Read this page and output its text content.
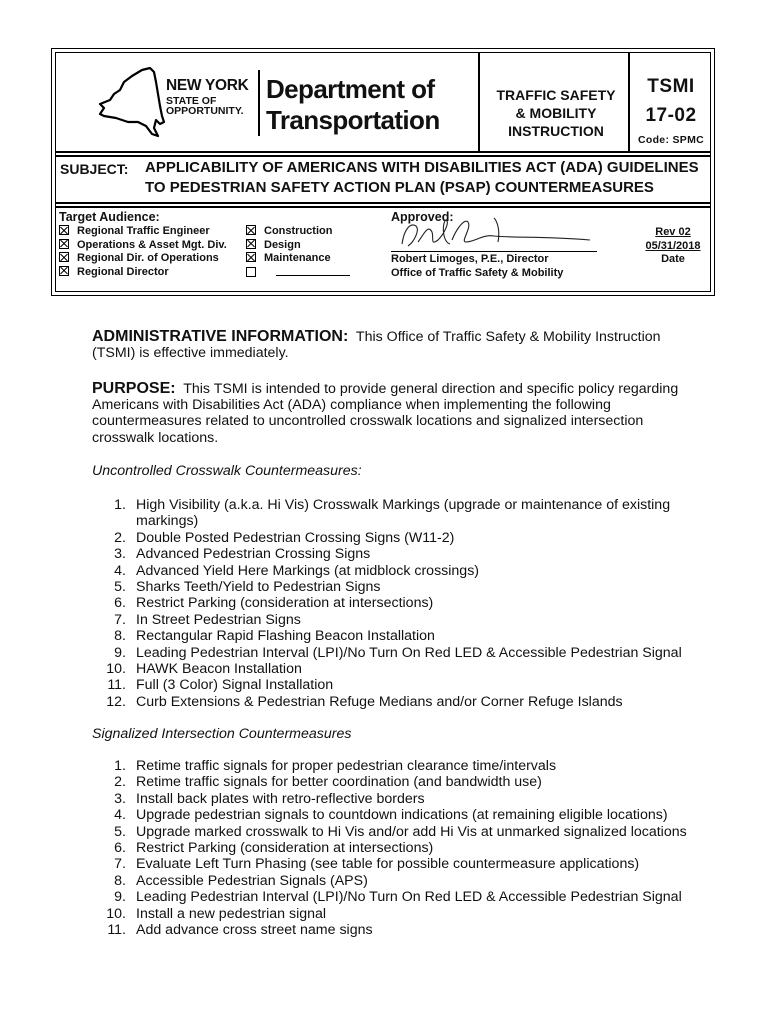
NEW YORK
STATE OF
OPPORTUNITY.
Department of
Transportation
TRAFFIC SAFETY
& MOBILITY
INSTRUCTION
TSMI
17-02
Code: SPMC
SUBJECT: APPLICABILITY OF AMERICANS WITH DISABILITIES ACT (ADA) GUIDELINES
TO PEDESTRIAN SAFETY ACTION PLAN (PSAP) COUNTERMEASURES
Target Audience:
Regional Traffic Engineer
Operations & Asset Mgt. Div.
Regional Dir. of Operations
Regional Director
Construction
Design
Maintenance
Approved:
Robert Limoges, P.E., Director
Office of Traffic Safety & Mobility
Rev 02
05/31/2018
Date
ADMINISTRATIVE INFORMATION: This Office of Traffic Safety & Mobility Instruction
(TSMI) is effective immediately.
PURPOSE: This TSMI is intended to provide general direction and specific policy regarding
Americans with Disabilities Act (ADA) compliance when implementing the following
countermeasures related to uncontrolled crosswalk locations and signalized intersection
crosswalk locations.
Uncontrolled Crosswalk Countermeasures:
1. High Visibility (a.k.a. Hi Vis) Crosswalk Markings (upgrade or maintenance of existing
markings)
2. Double Posted Pedestrian Crossing Signs (W11-2)
3. Advanced Pedestrian Crossing Signs
4. Advanced Yield Here Markings (at midblock crossings)
5. Sharks Teeth/Yield to Pedestrian Signs
6. Restrict Parking (consideration at intersections)
7. In Street Pedestrian Signs
8. Rectangular Rapid Flashing Beacon Installation
9. Leading Pedestrian Interval (LPI)/No Turn On Red LED & Accessible Pedestrian Signal
10. HAWK Beacon Installation
11. Full (3 Color) Signal Installation
12. Curb Extensions & Pedestrian Refuge Medians and/or Corner Refuge Islands
Signalized Intersection Countermeasures
1. Retime traffic signals for proper pedestrian clearance time/intervals
2. Retime traffic signals for better coordination (and bandwidth use)
3. Install back plates with retro-reflective borders
4. Upgrade pedestrian signals to countdown indications (at remaining eligible locations)
5. Upgrade marked crosswalk to Hi Vis and/or add Hi Vis at unmarked signalized locations
6. Restrict Parking (consideration at intersections)
7. Evaluate Left Turn Phasing (see table for possible countermeasure applications)
8. Accessible Pedestrian Signals (APS)
9. Leading Pedestrian Interval (LPI)/No Turn On Red LED & Accessible Pedestrian Signal
10. Install a new pedestrian signal
11. Add advance cross street name signs
